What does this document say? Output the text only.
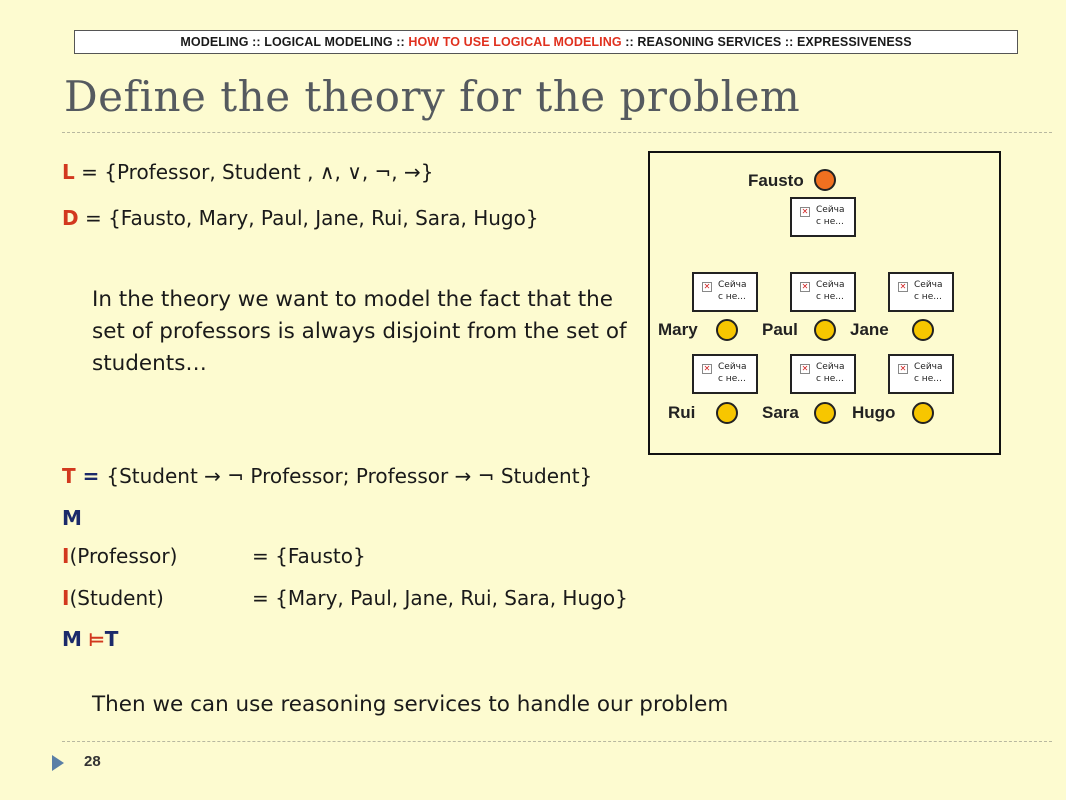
MODELING :: LOGICAL MODELING :: HOW TO USE LOGICAL MODELING :: REASONING SERVICES :: EXPRESSIVENESS
Define the theory for the problem
L = {Professor, Student , ∧, ∨, ¬, →}
D = {Fausto, Mary, Paul, Jane, Rui, Sara, Hugo}
In the theory we want to model the fact that the set of professors is always disjoint from the set of students…
T = {Student → ¬ Professor; Professor → ¬ Student}
M
I(Professor)	= {Fausto}
I(Student)	= {Mary, Paul, Jane, Rui, Sara, Hugo}
M ⊨T
Then we can use reasoning services to handle our problem
28
Fausto
✕ Сейча
с не...
✕ Сейча
с не...
✕ Сейча
с не...
✕ Сейча
с не...
Mary	Paul	Jane
✕ Сейча
с не...
✕ Сейча
с не...
✕ Сейча
с не...
Rui	Sara	Hugo
